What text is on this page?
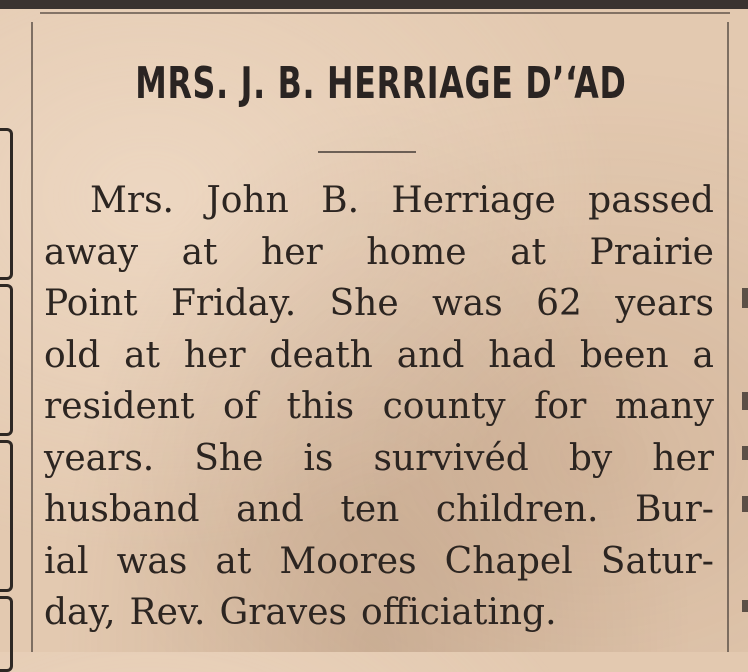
MRS. J. B. HERRIAGE D’‘AD
Mrs. John B. Herriage passed
away at her home at Prairie
Point Friday. She was 62 years
old at her death and had been a
resident of this county for many
years. She is survivéd by her
husband and ten children. Bur-
ial was at Moores Chapel Satur-
day, Rev. Graves officiating.
